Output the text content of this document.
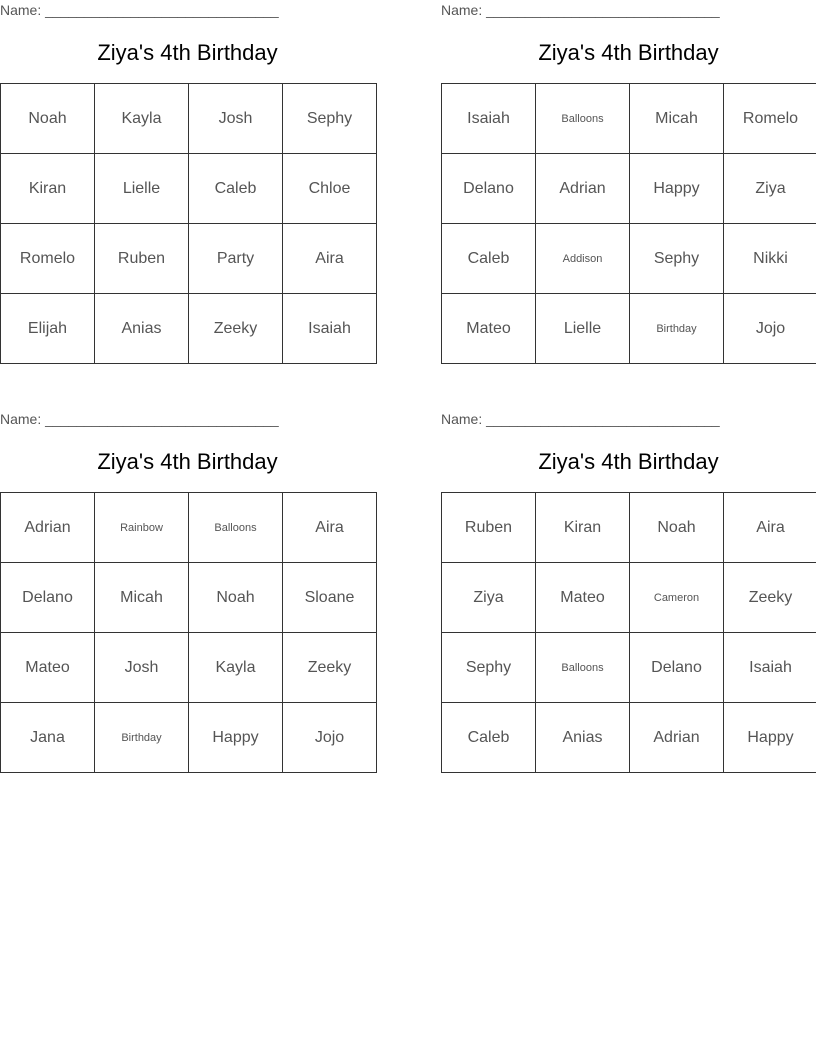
Name: ______________________________
Ziya's 4th Birthday
Noah	Kayla	Josh	Sephy
Kiran	Lielle	Caleb	Chloe
Romelo	Ruben	Party	Aira
Elijah	Anias	Zeeky	Isaiah
Name: ______________________________
Ziya's 4th Birthday
Isaiah	Balloons	Micah	Romelo
Delano	Adrian	Happy	Ziya
Caleb	Addison	Sephy	Nikki
Mateo	Lielle	Birthday	Jojo
Name: ______________________________
Ziya's 4th Birthday
Adrian	Rainbow	Balloons	Aira
Delano	Micah	Noah	Sloane
Mateo	Josh	Kayla	Zeeky
Jana	Birthday	Happy	Jojo
Name: ______________________________
Ziya's 4th Birthday
Ruben	Kiran	Noah	Aira
Ziya	Mateo	Cameron	Zeeky
Sephy	Balloons	Delano	Isaiah
Caleb	Anias	Adrian	Happy
